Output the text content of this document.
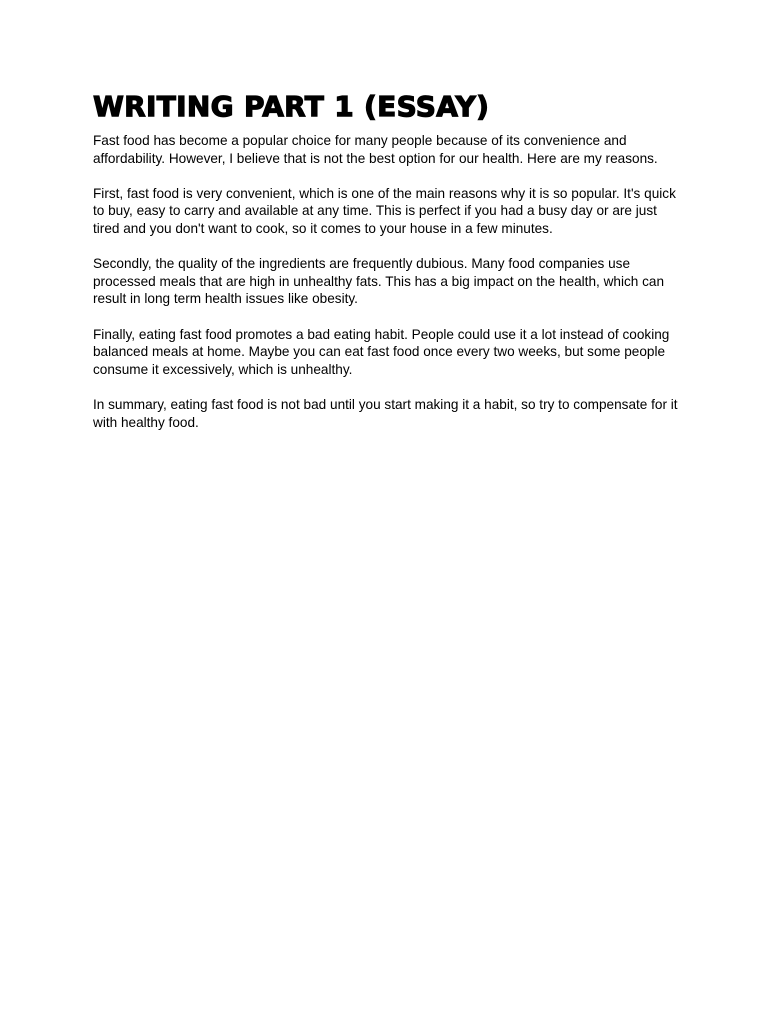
WRITING PART 1 (ESSAY)

Fast food has become a popular choice for many people because of its convenience and affordability. However, I believe that is not the best option for our health. Here are my reasons.

First, fast food is very convenient, which is one of the main reasons why it is so popular. It's quick to buy, easy to carry and available at any time. This is perfect if you had a busy day or are just tired and you don't want to cook, so it comes to your house in a few minutes.

Secondly, the quality of the ingredients are frequently dubious. Many food companies use processed meals that are high in unhealthy fats. This has a big impact on the health, which can result in long term health issues like obesity.

Finally, eating fast food promotes a bad eating habit. People could use it a lot instead of cooking balanced meals at home. Maybe you can eat fast food once every two weeks, but some people consume it excessively, which is unhealthy.

In summary, eating fast food is not bad until you start making it a habit, so try to compensate for it with healthy food.
